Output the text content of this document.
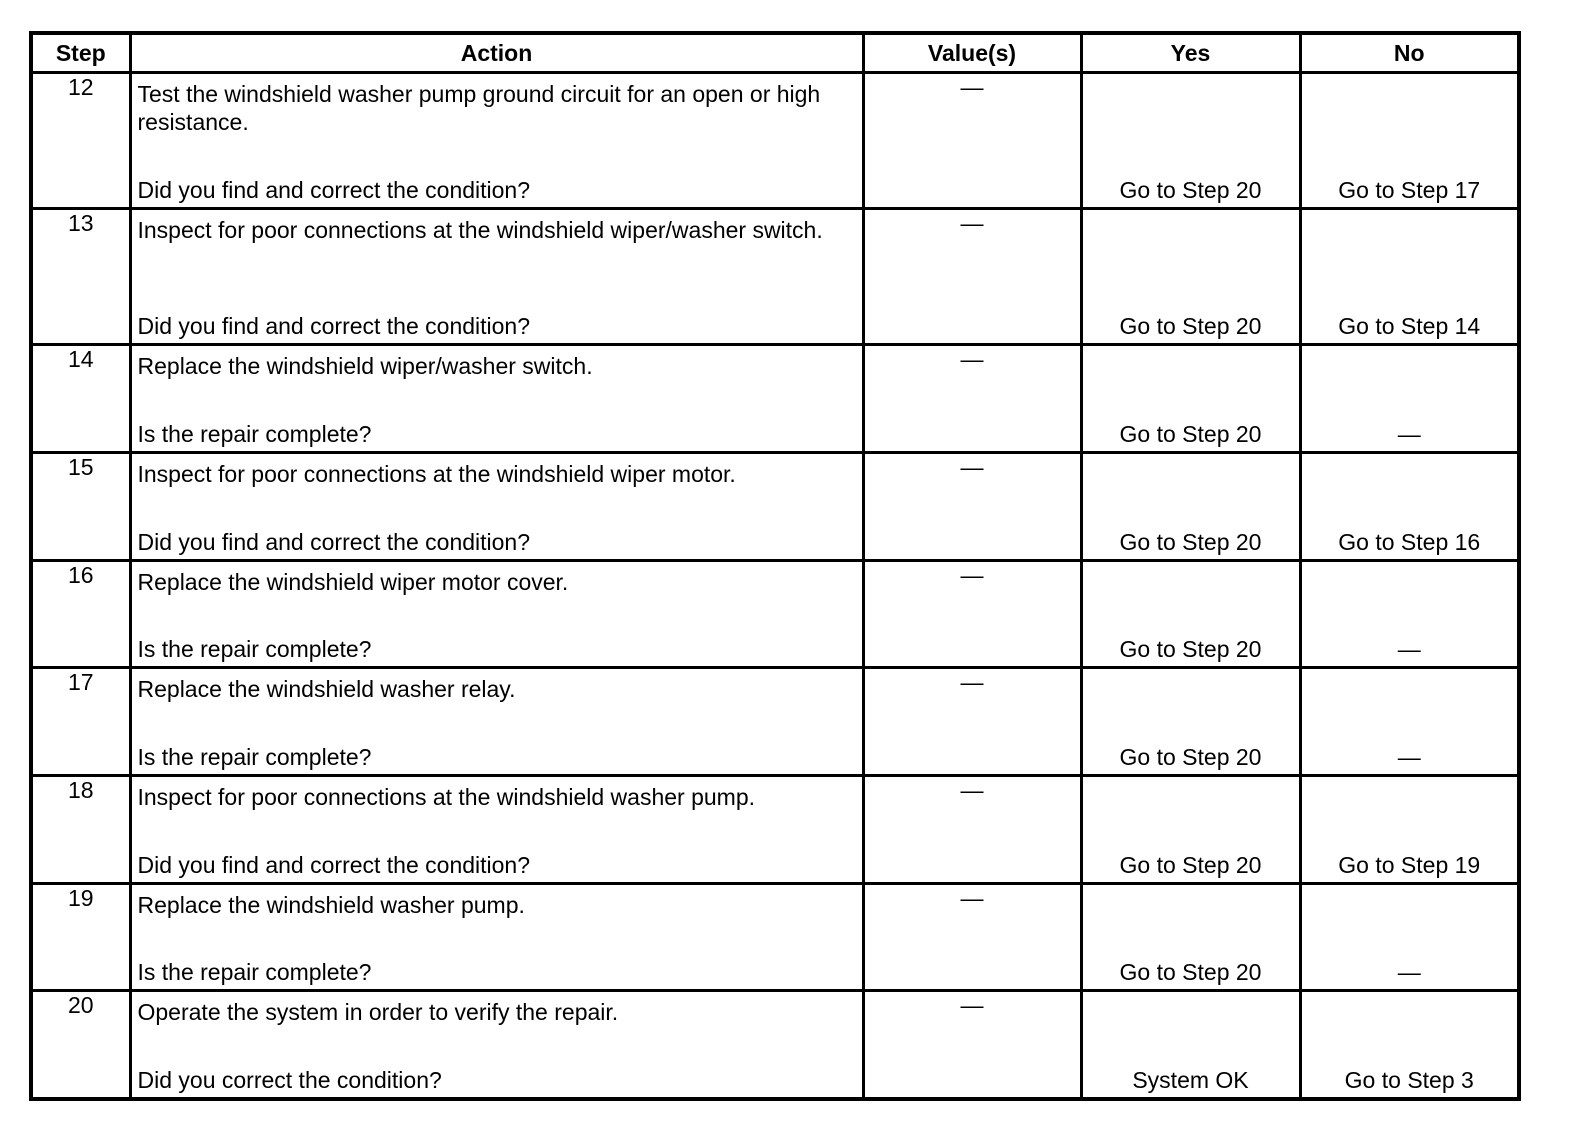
Step	Action	Value(s)	Yes	No
12	Test the windshield washer pump ground circuit for an open or high resistance.
Did you find and correct the condition?	—	Go to Step 20	Go to Step 17

13	Inspect for poor connections at the windshield wiper/washer switch.
Did you find and correct the condition?	—	Go to Step 20	Go to Step 14

14	Replace the windshield wiper/washer switch.
Is the repair complete?	—	Go to Step 20	—

15	Inspect for poor connections at the windshield wiper motor.
Did you find and correct the condition?	—	Go to Step 20	Go to Step 16

16	Replace the windshield wiper motor cover.
Is the repair complete?	—	Go to Step 20	—

17	Replace the windshield washer relay.
Is the repair complete?	—	Go to Step 20	—

18	Inspect for poor connections at the windshield washer pump.
Did you find and correct the condition?	—	Go to Step 20	Go to Step 19

19	Replace the windshield washer pump.
Is the repair complete?	—	Go to Step 20	—

20	Operate the system in order to verify the repair.
Did you correct the condition?	—	System OK	Go to Step 3
